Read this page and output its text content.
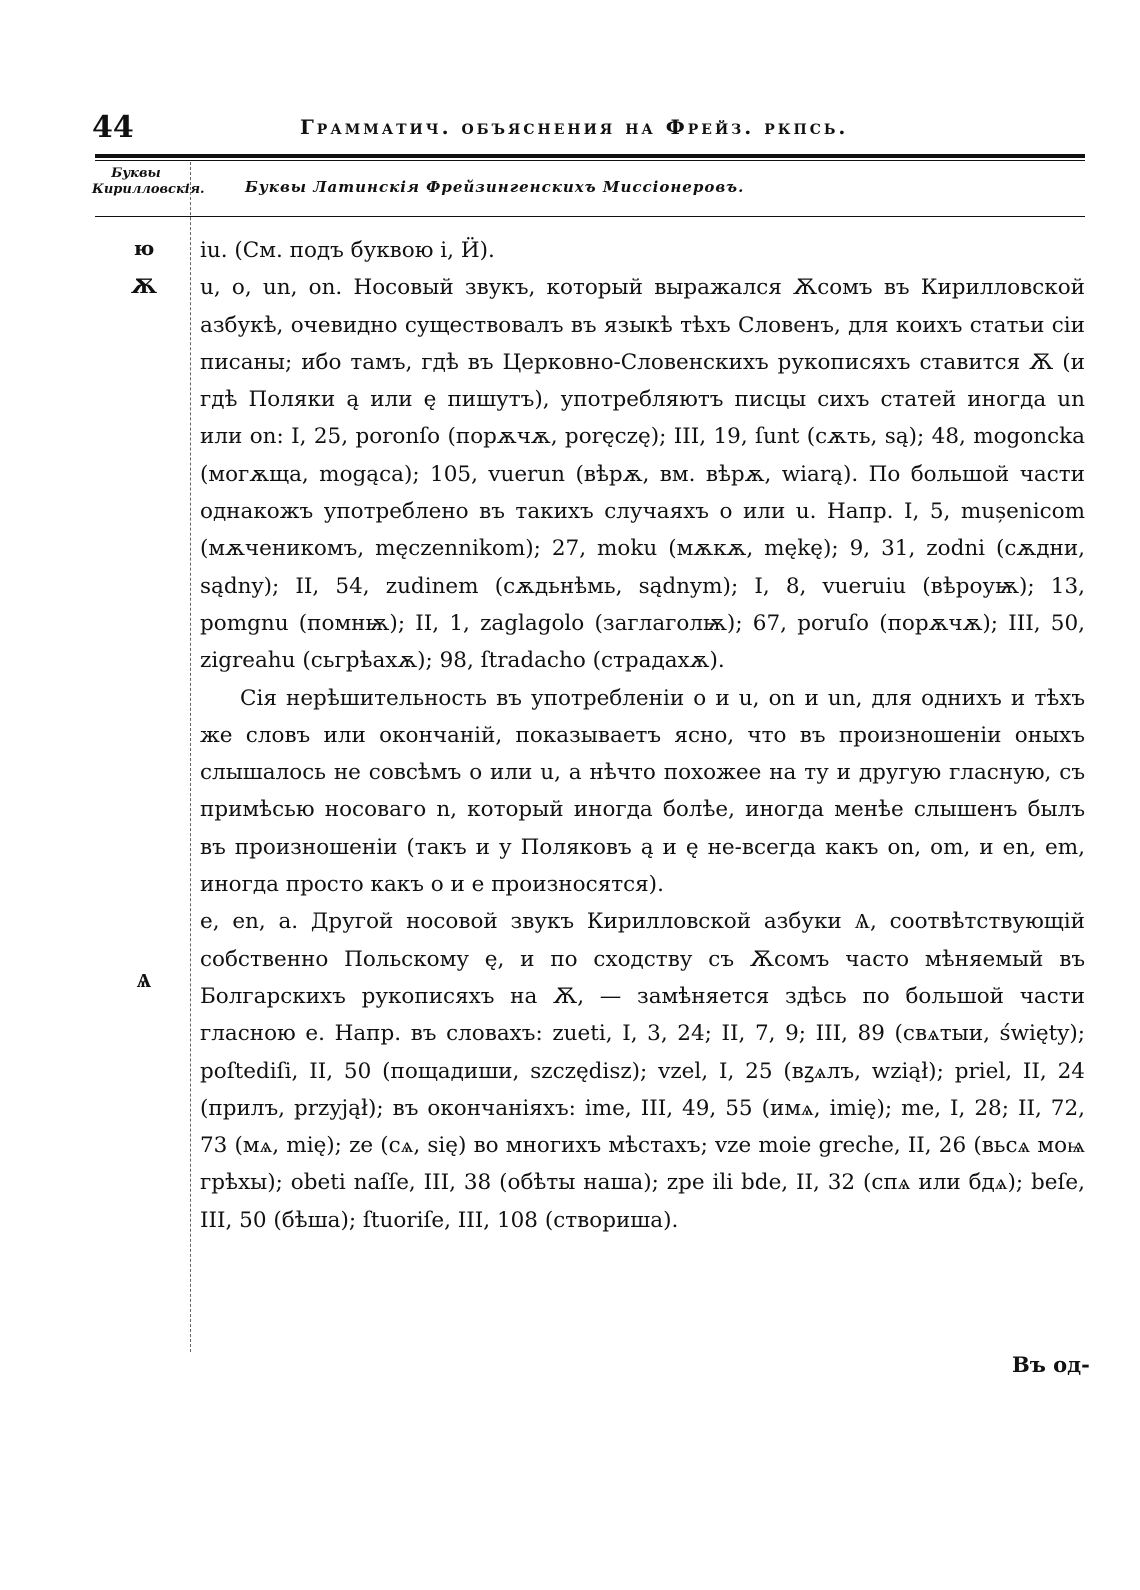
44	Грамматич. объяснения на Фрейз. ркпсь.
Буквы Кирилловскія.	Буквы Латинскія Фрейзингенскихъ Миссіонеровъ.
ю
Ѫ
Ѧ

iu. (См. подъ буквою i, Ӥ).

u, o, un, on. Носовый звукъ, который выражался Ѫсомъ въ Кирилловской азбукѣ, очевидно существовалъ въ языкѣ тѣхъ Словенъ, для коихъ статьи сіи писаны; ибо тамъ, гдѣ въ Церковно-Словенскихъ рукописяхъ ставится Ѫ (и гдѣ Поляки ą или ę пишутъ), употребляютъ писцы сихъ статей иногда un или on: I, 25, poronſo (порѫчѫ, poręczę); III, 19, ſunt (сѫть, są); 48, mogoncka (могѫща, mogąca); 105, vuerun (вѣрѫ, вм. вѣрѫ, wiarą). По большой части однакожъ употреблено въ такихъ случаяхъ o или u. Напр. I, 5, mușenicom (мѫченикомъ, męczennikom); 27, moku (мѫкѫ, mękę); 9, 31, zodni (сѫдни, sądny); II, 54, zudinem (сѫдьнѣмь, sądnym); I, 8, vueruiu (вѣроуѭ); 13, pomgnu (помнѭ); II, 1, zaglagolo (заглаголѭ); 67, poruſo (порѫчѫ); III, 50, zigreahu (сьгрѣахѫ); 98, ſtradacho (страдахѫ).

Сія нерѣшительность въ употребленіи o и u, on и un, для однихъ и тѣхъ же словъ или окончаній, показываетъ ясно, что въ произношеніи оныхъ слышалось не совсѣмъ o или u, а нѣчто похожее на ту и другую гласную, съ примѣсью носоваго n, который иногда болѣе, иногда менѣе слышенъ былъ въ произношеніи (такъ и у Поляковъ ą и ę не-всегда какъ on, om, и en, em, иногда просто какъ o и e произносятся).

e, en, a. Другой носовой звукъ Кирилловской азбуки Ѧ, соотвѣтствующій собственно Польскому ę, и по сходству съ Ѫсомъ часто мѣняемый въ Болгарскихъ рукописяхъ на Ѫ, — замѣняется здѣсь по большой части гласною e. Напр. въ словахъ: zueti, I, 3, 24; II, 7, 9; III, 89 (свѧтыи, święty); poſtediſi, II, 50 (пощадиши, szczędisz); vzel, I, 25 (вꙁѧлъ, wziął); priel, II, 24 (прилъ, przyjął); въ окончаніяхъ: ime, III, 49, 55 (имѧ, imię); me, I, 28; II, 72, 73 (мѧ, mię); ze (сѧ, się) во многихъ мѣстахъ; vze moie greche, II, 26 (вьсѧ моѩ грѣхы); obeti naſſe, III, 38 (обѣты наша); zpe ili bde, II, 32 (спѧ или бдѧ); beſe, III, 50 (бѣша); ſtuoriſe, III, 108 (створиша).

Въ од-
